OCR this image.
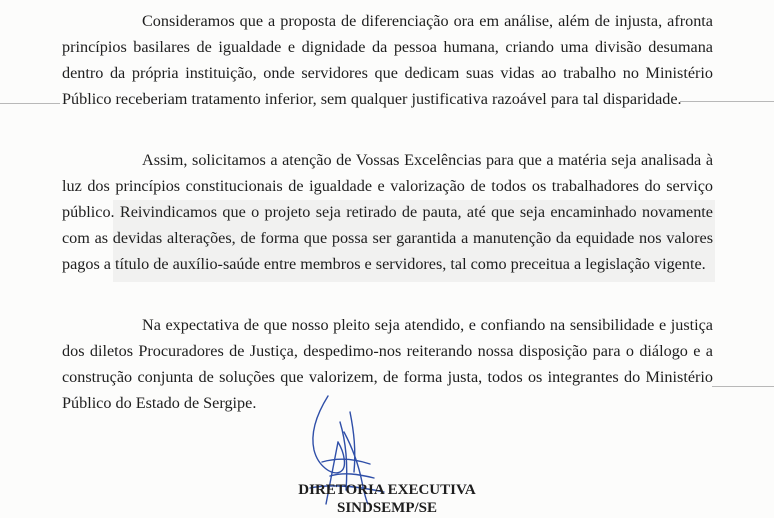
Consideramos que a proposta de diferenciação ora em análise, além de injusta, afronta
princípios basilares de igualdade e dignidade da pessoa humana, criando uma divisão desumana
dentro da própria instituição, onde servidores que dedicam suas vidas ao trabalho no Ministério
Público receberiam tratamento inferior, sem qualquer justificativa razoável para tal disparidade.
Assim, solicitamos a atenção de Vossas Excelências para que a matéria seja analisada à
luz dos princípios constitucionais de igualdade e valorização de todos os trabalhadores do serviço
público. Reivindicamos que o projeto seja retirado de pauta, até que seja encaminhado novamente
com as devidas alterações, de forma que possa ser garantida a manutenção da equidade nos valores
pagos a título de auxílio-saúde entre membros e servidores, tal como preceitua a legislação vigente.
Na expectativa de que nosso pleito seja atendido, e confiando na sensibilidade e justiça
dos diletos Procuradores de Justiça, despedimo-nos reiterando nossa disposição para o diálogo e a
construção conjunta de soluções que valorizem, de forma justa, todos os integrantes do Ministério
Público do Estado de Sergipe.
DIRETORIA EXECUTIVA
SINDSEMP/SE
